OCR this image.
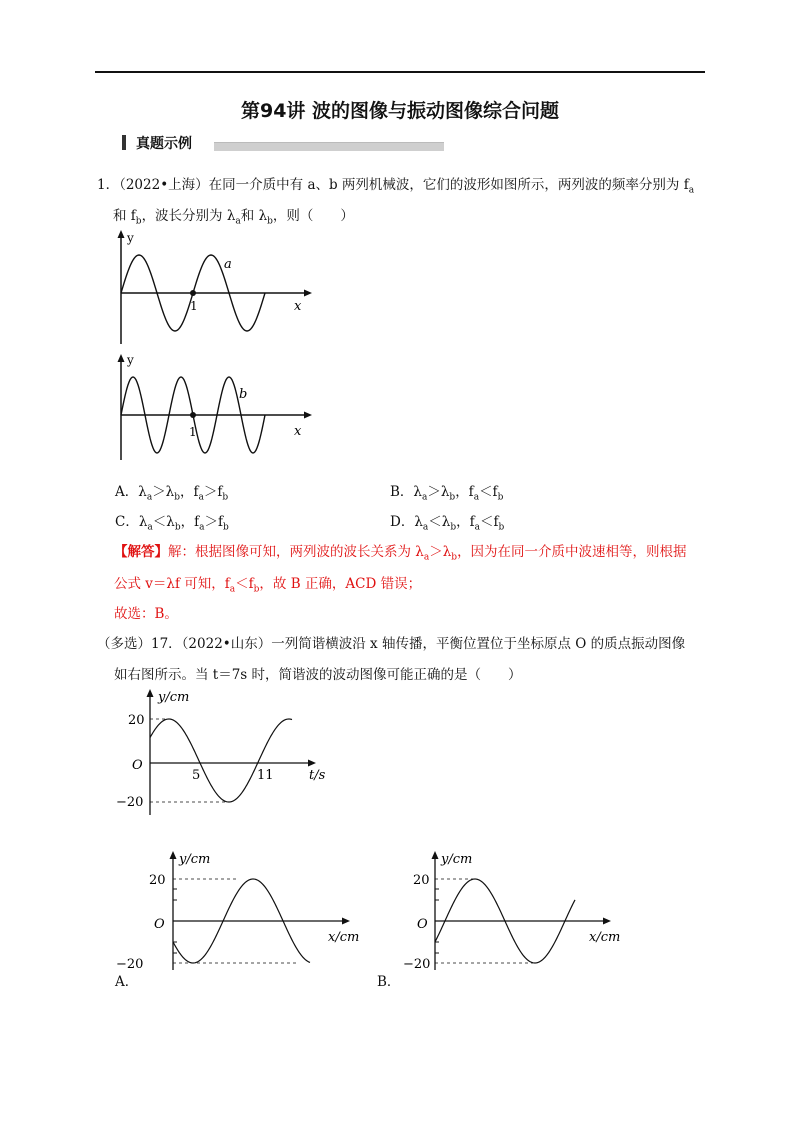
第94讲 波的图像与振动图像综合问题
真题示例
1．（2022•上海）在同一介质中有 a、b 两列机械波，它们的波形如图所示，两列波的频率分别为 $f_a$
和 $f_b$，波长分别为 $\lambda_a$和 $\lambda_b$，则（　　）
y
x
1
a
y
x
1
b
A．$\lambda_a>\lambda_b$，$f_a>f_b$	B．$\lambda_a>\lambda_b$，$f_a<f_b$
C．$\lambda_a<\lambda_b$，$f_a>f_b$	D．$\lambda_a<\lambda_b$，$f_a<f_b$
【解答】解：根据图像可知，两列波的波长关系为 $\lambda_a>\lambda_b$，因为在同一介质中波速相等，则根据
公式 v＝λf 可知，$f_a<f_b$，故 B 正确，ACD 错误；
故选：B。
（多选）17．（2022•山东）一列简谐横波沿 x 轴传播，平衡位置位于坐标原点 O 的质点振动图像
如右图所示。当 t＝7s 时，简谐波的波动图像可能正确的是（　　）
y/cm
t/s
20
−20
O
5	11
y/cm
x/cm
20
−20
O
A．
y/cm
x/cm
20
−20
O
B．
